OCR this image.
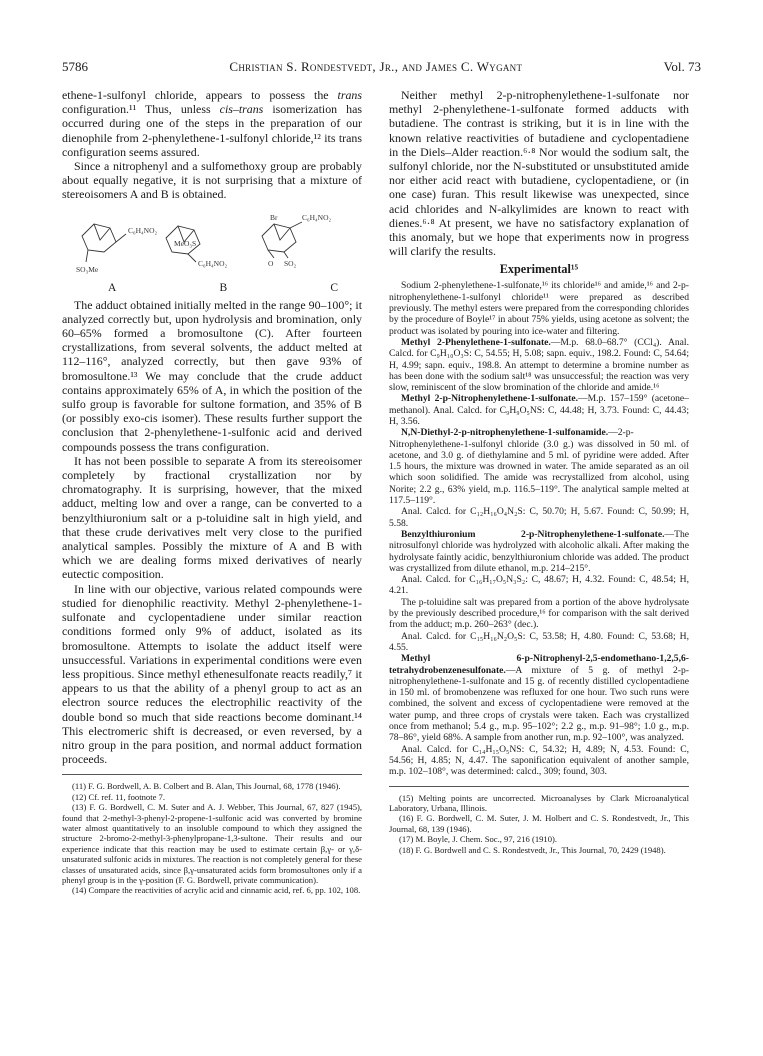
5786	Christian S. Rondestvedt, Jr., and James C. Wygant	Vol. 73

ethene-1-sulfonyl chloride, appears to possess the trans configuration.¹¹ Thus, unless cis–trans isomerization has occurred during one of the steps in the preparation of our dienophile from 2-phenylethene-1-sulfonyl chloride,¹² its trans configuration seems assured.

Since a nitrophenyl and a sulfomethoxy group are probably about equally negative, it is not surprising that a mixture of stereoisomers A and B is obtained.

C₆H₄NO₂
SO₃Me
MeO₃S
C₆H₄NO₂
Br	C₆H₄NO₂
O SO₂
A	B	C

The adduct obtained initially melted in the range 90–100°; it analyzed correctly but, upon hydrolysis and bromination, only 60–65% formed a bromosultone (C). After fourteen crystallizations, from several solvents, the adduct melted at 112–116°, analyzed correctly, but then gave 93% of bromosultone.¹³ We may conclude that the crude adduct contains approximately 65% of A, in which the position of the sulfo group is favorable for sultone formation, and 35% of B (or possibly exo-cis isomer). These results further support the conclusion that 2-phenylethene-1-sulfonic acid and derived compounds possess the trans configuration.

It has not been possible to separate A from its stereoisomer completely by fractional crystallization nor by chromatography. It is surprising, however, that the mixed adduct, melting low and over a range, can be converted to a benzylthiuronium salt or a p-toluidine salt in high yield, and that these crude derivatives melt very close to the purified analytical samples. Possibly the mixture of A and B with which we are dealing forms mixed derivatives of nearly eutectic composition.

In line with our objective, various related compounds were studied for dienophilic reactivity. Methyl 2-phenylethene-1-sulfonate and cyclopentadiene under similar reaction conditions formed only 9% of adduct, isolated as its bromosultone. Attempts to isolate the adduct itself were unsuccessful. Variations in experimental conditions were even less propitious. Since methyl ethenesulfonate reacts readily,⁷ it appears to us that the ability of a phenyl group to act as an electron source reduces the electrophilic reactivity of the double bond so much that side reactions become dominant.¹⁴ This electromeric shift is decreased, or even reversed, by a nitro group in the para position, and normal adduct formation proceeds.

(11) F. G. Bordwell, A. B. Colbert and B. Alan, This Journal, 68, 1778 (1946).

(12) Cf. ref. 11, footnote 7.

(13) F. G. Bordwell, C. M. Suter and A. J. Webber, This Journal, 67, 827 (1945), found that 2-methyl-3-phenyl-2-propene-1-sulfonic acid was converted by bromine water almost quantitatively to an insoluble compound to which they assigned the structure 2-bromo-2-methyl-3-phenylpropane-1,3-sultone. Their results and our experience indicate that this reaction may be used to estimate certain β,γ- or γ,δ-unsaturated sulfonic acids in mixtures. The reaction is not completely general for these classes of unsaturated acids, since β,γ-unsaturated acids form bromosultones only if a phenyl group is in the γ-position (F. G. Bordwell, private communication).

(14) Compare the reactivities of acrylic acid and cinnamic acid, ref. 6, pp. 102, 108.

Neither methyl 2-p-nitrophenylethene-1-sulfonate nor methyl 2-phenylethene-1-sulfonate formed adducts with butadiene. The contrast is striking, but it is in line with the known relative reactivities of butadiene and cyclopentadiene in the Diels–Alder reaction.⁶·⁸ Nor would the sodium salt, the sulfonyl chloride, nor the N-substituted or unsubstituted amide nor either acid react with butadiene, cyclopentadiene, or (in one case) furan. This result likewise was unexpected, since acid chlorides and N-alkylimides are known to react with dienes.⁶·⁸ At present, we have no satisfactory explanation of this anomaly, but we hope that experiments now in progress will clarify the results.

Experimental¹⁵

Sodium 2-phenylethene-1-sulfonate,¹⁶ its chloride¹⁶ and amide,¹⁶ and 2-p-nitrophenylethene-1-sulfonyl chloride¹¹ were prepared as described previously. The methyl esters were prepared from the corresponding chlorides by the procedure of Boyle¹⁷ in about 75% yields, using acetone as solvent; the product was isolated by pouring into ice-water and filtering.

Methyl 2-Phenylethene-1-sulfonate.—M.p. 68.0–68.7° (CCl₄). Anal. Calcd. for C₉H₁₀O₃S: C, 54.55; H, 5.08; sapn. equiv., 198.2. Found: C, 54.64; H, 4.99; sapn. equiv., 198.8. An attempt to determine a bromine number as has been done with the sodium salt¹⁸ was unsuccessful; the reaction was very slow, reminiscent of the slow bromination of the chloride and amide.¹⁶

Methyl 2-p-Nitrophenylethene-1-sulfonate.—M.p. 157–159° (acetone–methanol). Anal. Calcd. for C₉H₉O₅NS: C, 44.48; H, 3.73. Found: C, 44.43; H, 3.56.

N,N-Diethyl-2-p-nitrophenylethene-1-sulfonamide.—2-p-Nitrophenylethene-1-sulfonyl chloride (3.0 g.) was dissolved in 50 ml. of acetone, and 3.0 g. of diethylamine and 5 ml. of pyridine were added. After 1.5 hours, the mixture was drowned in water. The amide separated as an oil which soon solidified. The amide was recrystallized from alcohol, using Norite; 2.2 g., 63% yield, m.p. 116.5–119°. The analytical sample melted at 117.5–119°.

Anal. Calcd. for C₁₂H₁₆O₄N₂S: C, 50.70; H, 5.67. Found: C, 50.99; H, 5.58.

Benzylthiuronium 2-p-Nitrophenylethene-1-sulfonate.—The nitrosulfonyl chloride was hydrolyzed with alcoholic alkali. After making the hydrolysate faintly acidic, benzylthiuronium chloride was added. The product was crystallized from dilute ethanol, m.p. 214–215°.

Anal. Calcd. for C₁₆H₁₇O₅N₃S₂: C, 48.67; H, 4.32. Found: C, 48.54; H, 4.21.

The p-toluidine salt was prepared from a portion of the above hydrolysate by the previously described procedure,¹⁶ for comparison with the salt derived from the adduct; m.p. 260–263° (dec.).

Anal. Calcd. for C₁₅H₁₆N₂O₅S: C, 53.58; H, 4.80. Found: C, 53.68; H, 4.55.

Methyl 6-p-Nitrophenyl-2,5-endomethano-1,2,5,6-tetrahydrobenzenesulfonate.—A mixture of 5 g. of methyl 2-p-nitrophenylethene-1-sulfonate and 15 g. of recently distilled cyclopentadiene in 150 ml. of bromobenzene was refluxed for one hour. Two such runs were combined, the solvent and excess of cyclopentadiene were removed at the water pump, and three crops of crystals were taken. Each was crystallized once from methanol; 5.4 g., m.p. 95–102°; 2.2 g., m.p. 91–98°; 1.0 g., m.p. 78–86°, yield 68%. A sample from another run, m.p. 92–100°, was analyzed.

Anal. Calcd. for C₁₄H₁₅O₅NS: C, 54.32; H, 4.89; N, 4.53. Found: C, 54.56; H, 4.85; N, 4.47. The saponification equivalent of another sample, m.p. 102–108°, was determined: calcd., 309; found, 303.

(15) Melting points are uncorrected. Microanalyses by Clark Microanalytical Laboratory, Urbana, Illinois.

(16) F. G. Bordwell, C. M. Suter, J. M. Holbert and C. S. Rondestvedt, Jr., This Journal, 68, 139 (1946).

(17) M. Boyle, J. Chem. Soc., 97, 216 (1910).

(18) F. G. Bordwell and C. S. Rondestvedt, Jr., This Journal, 70, 2429 (1948).
